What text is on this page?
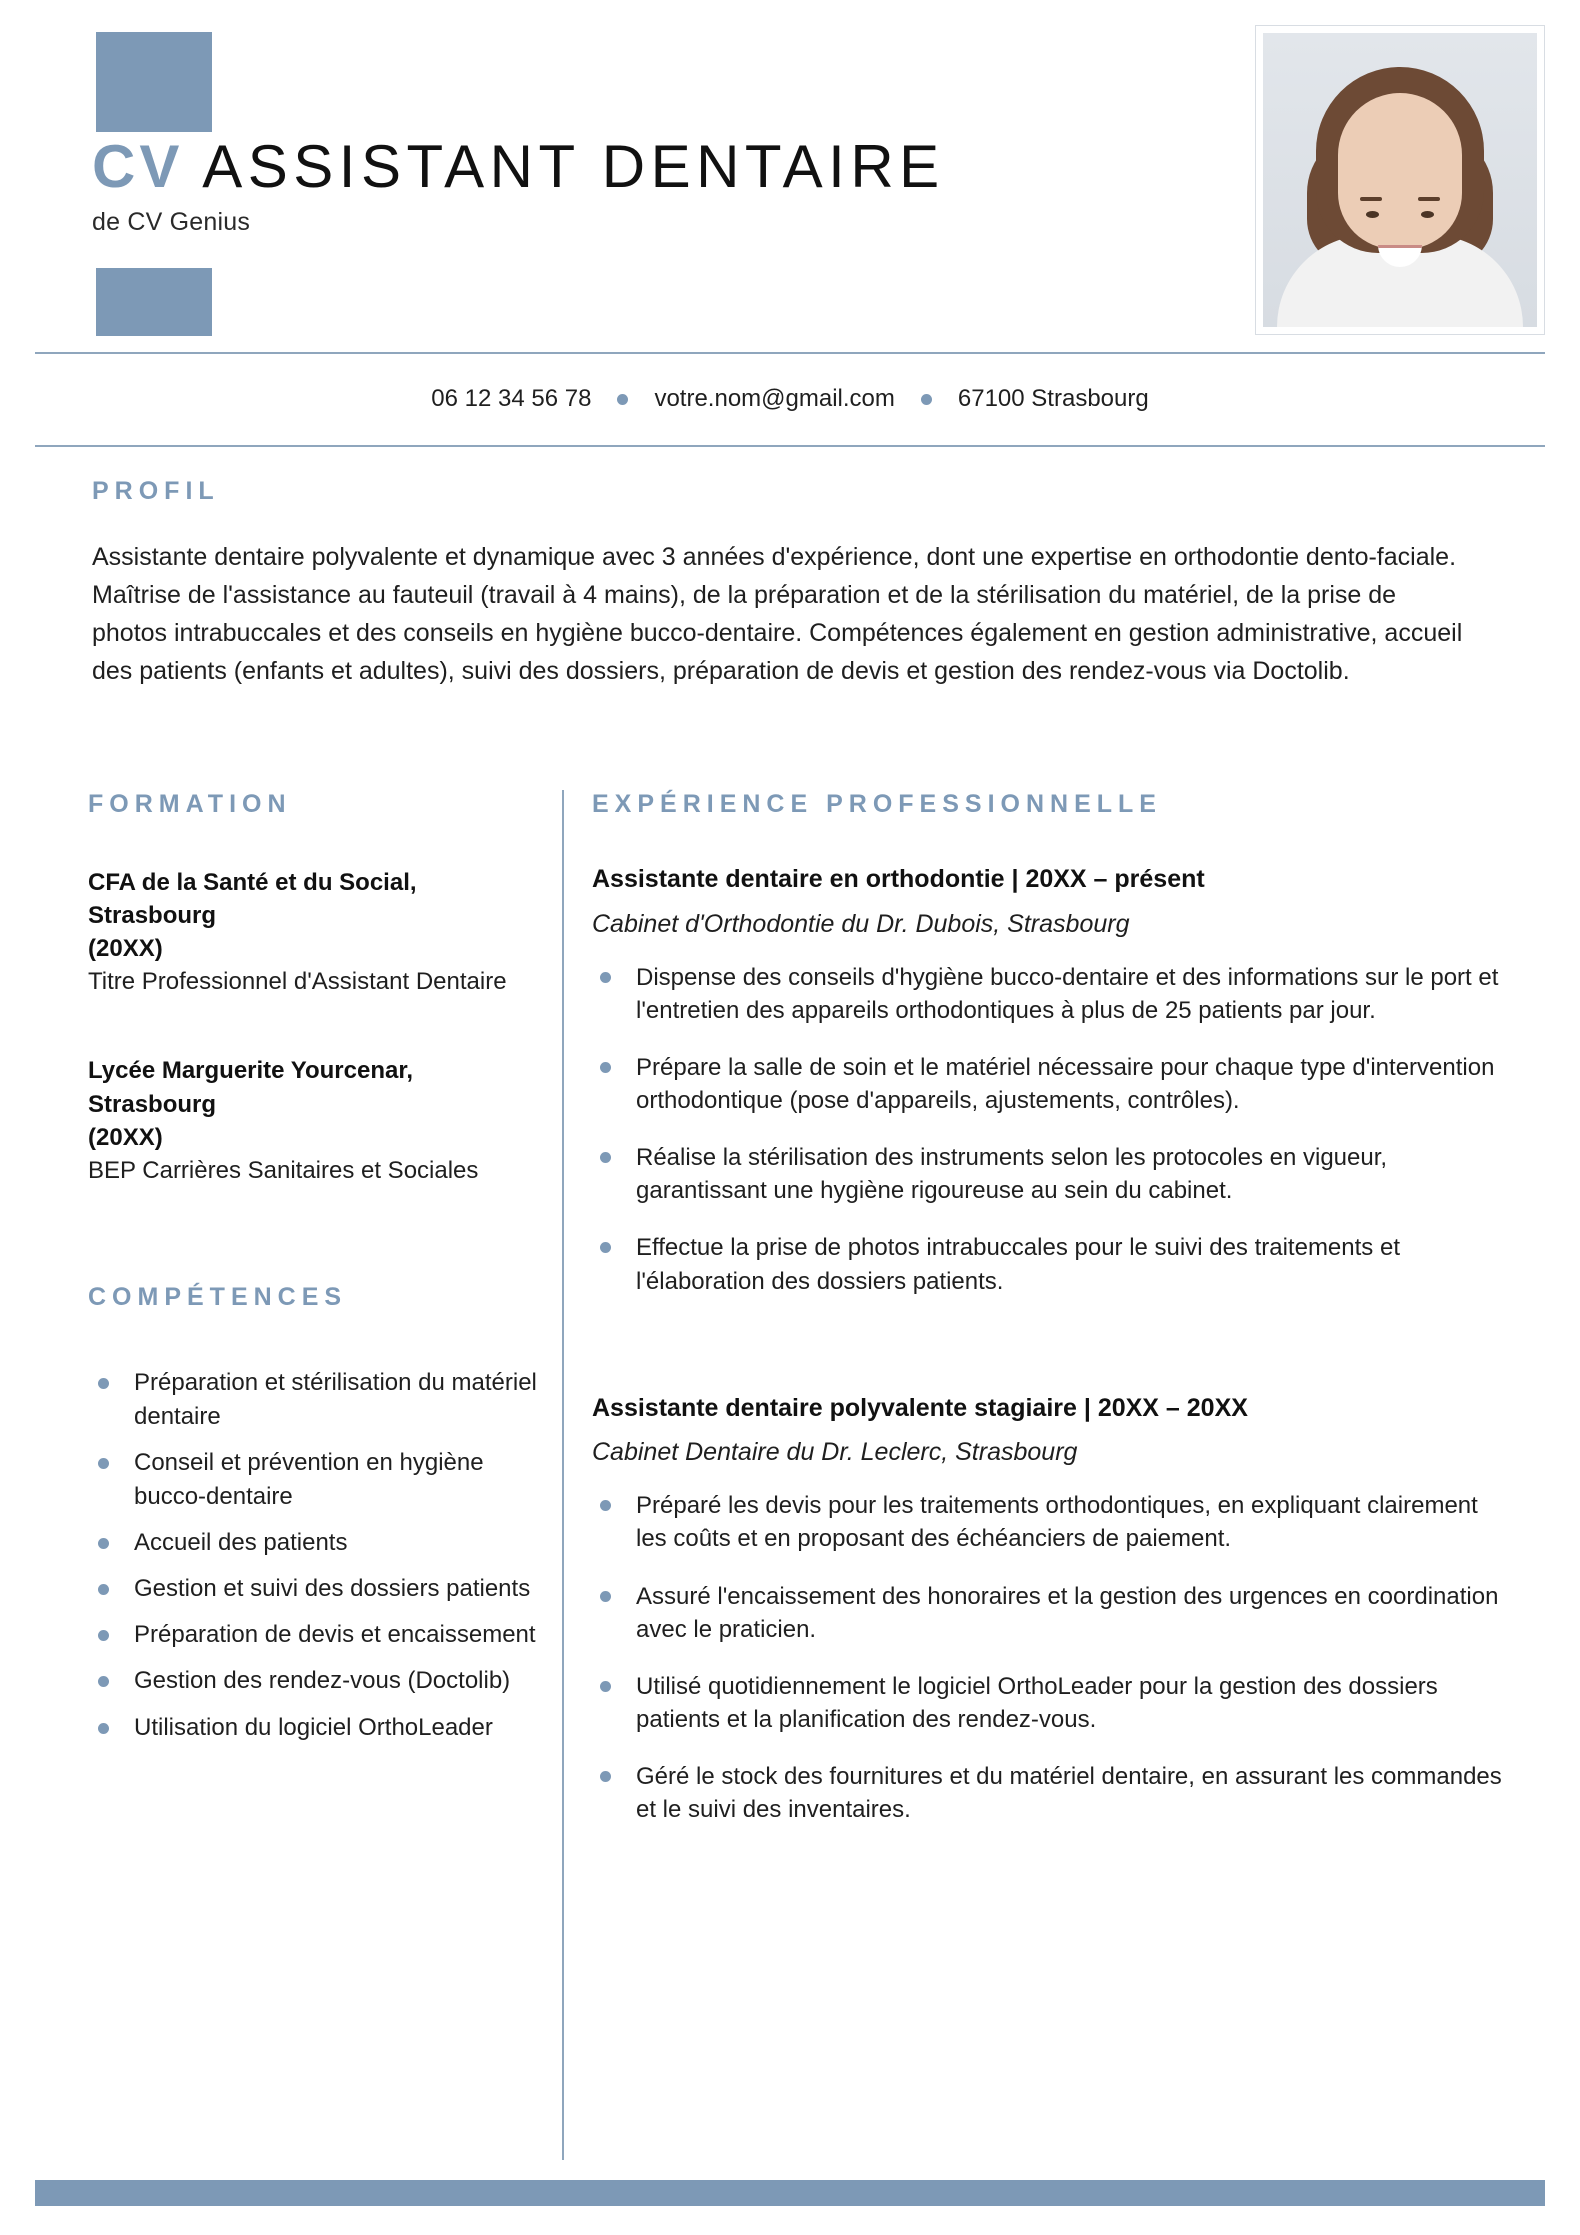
CV ASSISTANT DENTAIRE
de CV Genius
06 12 34 56 78	votre.nom@gmail.com	67100 Strasbourg
PROFIL
Assistante dentaire polyvalente et dynamique avec 3 années d'expérience, dont une expertise en orthodontie dento-faciale. Maîtrise de l'assistance au fauteuil (travail à 4 mains), de la préparation et de la stérilisation du matériel, de la prise de photos intrabuccales et des conseils en hygiène bucco-dentaire. Compétences également en gestion administrative, accueil des patients (enfants et adultes), suivi des dossiers, préparation de devis et gestion des rendez-vous via Doctolib.
FORMATION
CFA de la Santé et du Social, Strasbourg
(20XX)
Titre Professionnel d'Assistant Dentaire
Lycée Marguerite Yourcenar, Strasbourg
(20XX)
BEP Carrières Sanitaires et Sociales
COMPÉTENCES
Préparation et stérilisation du matériel dentaire
Conseil et prévention en hygiène bucco-dentaire
Accueil des patients
Gestion et suivi des dossiers patients
Préparation de devis et encaissement
Gestion des rendez-vous (Doctolib)
Utilisation du logiciel OrthoLeader
EXPÉRIENCE PROFESSIONNELLE
Assistante dentaire en orthodontie | 20XX – présent
Cabinet d'Orthodontie du Dr. Dubois, Strasbourg
Dispense des conseils d'hygiène bucco-dentaire et des informations sur le port et l'entretien des appareils orthodontiques à plus de 25 patients par jour.
Prépare la salle de soin et le matériel nécessaire pour chaque type d'intervention orthodontique (pose d'appareils, ajustements, contrôles).
Réalise la stérilisation des instruments selon les protocoles en vigueur, garantissant une hygiène rigoureuse au sein du cabinet.
Effectue la prise de photos intrabuccales pour le suivi des traitements et l'élaboration des dossiers patients.
Assistante dentaire polyvalente stagiaire | 20XX – 20XX
Cabinet Dentaire du Dr. Leclerc, Strasbourg
Préparé les devis pour les traitements orthodontiques, en expliquant clairement les coûts et en proposant des échéanciers de paiement.
Assuré l'encaissement des honoraires et la gestion des urgences en coordination avec le praticien.
Utilisé quotidiennement le logiciel OrthoLeader pour la gestion des dossiers patients et la planification des rendez-vous.
Géré le stock des fournitures et du matériel dentaire, en assurant les commandes et le suivi des inventaires.
